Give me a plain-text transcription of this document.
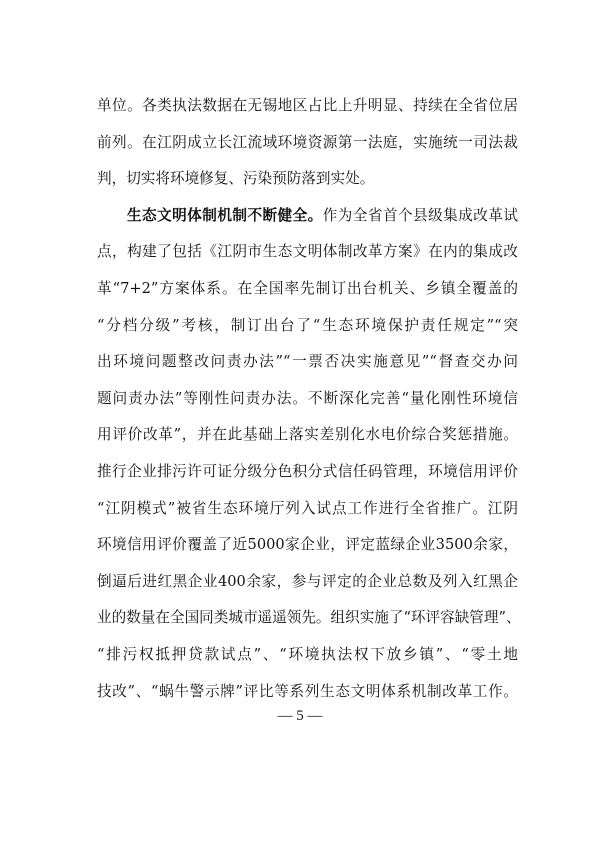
单位。各类执法数据在无锡地区占比上升明显、持续在全省位居
前列。在江阴成立长江流域环境资源第一法庭，实施统一司法裁
判，切实将环境修复、污染预防落到实处。
生态文明体制机制不断健全。作为全省首个县级集成改革试
点，构建了包括《江阴市生态文明体制改革方案》在内的集成改
革“7+2”方案体系。在全国率先制订出台机关、乡镇全覆盖的
“分档分级”考核，制订出台了“生态环境保护责任规定”“突
出环境问题整改问责办法”“一票否决实施意见”“督查交办问
题问责办法”等刚性问责办法。不断深化完善“量化刚性环境信
用评价改革”，并在此基础上落实差别化水电价综合奖惩措施。
推行企业排污许可证分级分色积分式信任码管理，环境信用评价
“江阴模式”被省生态环境厅列入试点工作进行全省推广。江阴
环境信用评价覆盖了近5000家企业，评定蓝绿企业3500余家，
倒逼后进红黑企业400余家，参与评定的企业总数及列入红黑企
业的数量在全国同类城市遥遥领先。组织实施了“环评容缺管理”、
“排污权抵押贷款试点”、“环境执法权下放乡镇”、“零土地
技改”、“蜗牛警示牌”评比等系列生态文明体系机制改革工作。
— 5 —
